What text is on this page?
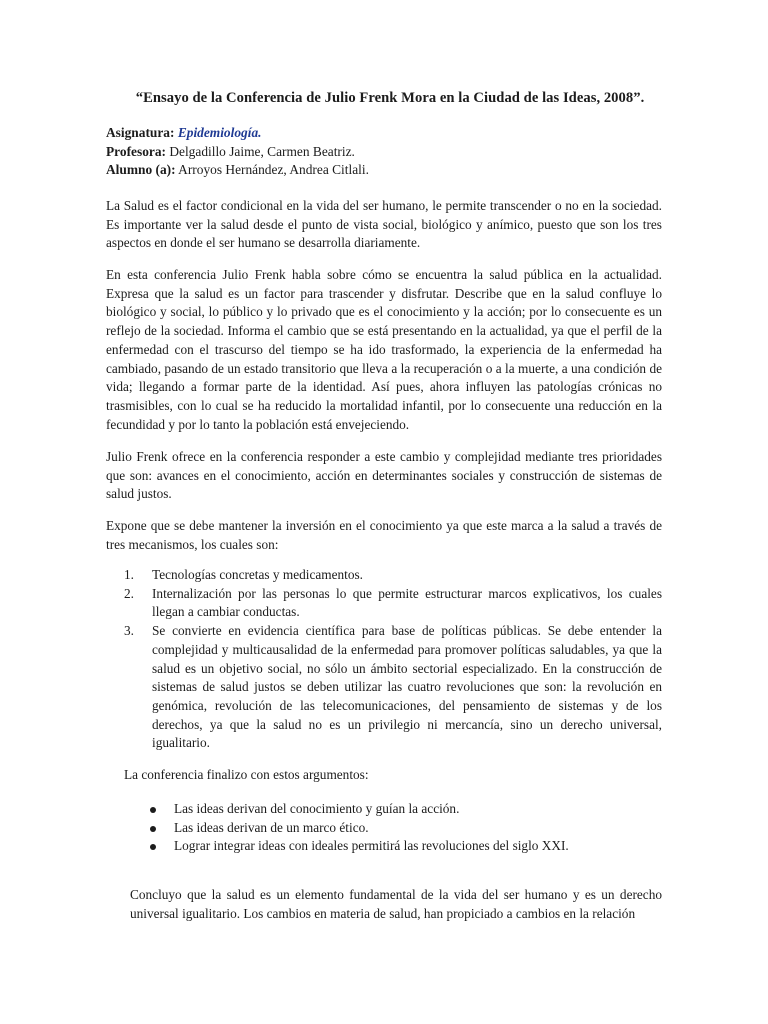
“Ensayo de la Conferencia de Julio Frenk Mora en la Ciudad de las Ideas, 2008”.
Asignatura: Epidemiología.
Profesora: Delgadillo Jaime, Carmen Beatriz.
Alumno (a): Arroyos Hernández, Andrea Citlali.

La Salud es el factor condicional en la vida del ser humano, le permite transcender o no en la sociedad. Es importante ver la salud desde el punto de vista social, biológico y anímico, puesto que son los tres aspectos en donde el ser humano se desarrolla diariamente.

En esta conferencia Julio Frenk habla sobre cómo se encuentra la salud pública en la actualidad. Expresa que la salud es un factor para trascender y disfrutar. Describe que en la salud confluye lo biológico y social, lo público y lo privado que es el conocimiento y la acción; por lo consecuente es un reflejo de la sociedad. Informa el cambio que se está presentando en la actualidad, ya que el perfil de la enfermedad con el trascurso del tiempo se ha ido trasformado, la experiencia de la enfermedad ha cambiado, pasando de un estado transitorio que lleva a la recuperación o a la muerte, a una condición de vida; llegando a formar parte de la identidad. Así pues, ahora influyen las patologías crónicas no trasmisibles, con lo cual se ha reducido la mortalidad infantil, por lo consecuente una reducción en la fecundidad y por lo tanto la población está envejeciendo.

Julio Frenk ofrece en la conferencia responder a este cambio y complejidad mediante tres prioridades que son: avances en el conocimiento, acción en determinantes sociales y construcción de sistemas de salud justos.

Expone que se debe mantener la inversión en el conocimiento ya que este marca a la salud a través de tres mecanismos, los cuales son:

1. Tecnologías concretas y medicamentos.
2. Internalización por las personas lo que permite estructurar marcos explicativos, los cuales llegan a cambiar conductas.
3. Se convierte en evidencia científica para base de políticas públicas. Se debe entender la complejidad y multicausalidad de la enfermedad para promover políticas saludables, ya que la salud es un objetivo social, no sólo un ámbito sectorial especializado. En la construcción de sistemas de salud justos se deben utilizar las cuatro revoluciones que son: la revolución en genómica, revolución de las telecomunicaciones, del pensamiento de sistemas y de los derechos, ya que la salud no es un privilegio ni mercancía, sino un derecho universal, igualitario.

La conferencia finalizo con estos argumentos:

Las ideas derivan del conocimiento y guían la acción.
Las ideas derivan de un marco ético.
Lograr integrar ideas con ideales permitirá las revoluciones del siglo XXI.

Concluyo que la salud es un elemento fundamental de la vida del ser humano y es un derecho universal igualitario. Los cambios en materia de salud, han propiciado a cambios en la relación
